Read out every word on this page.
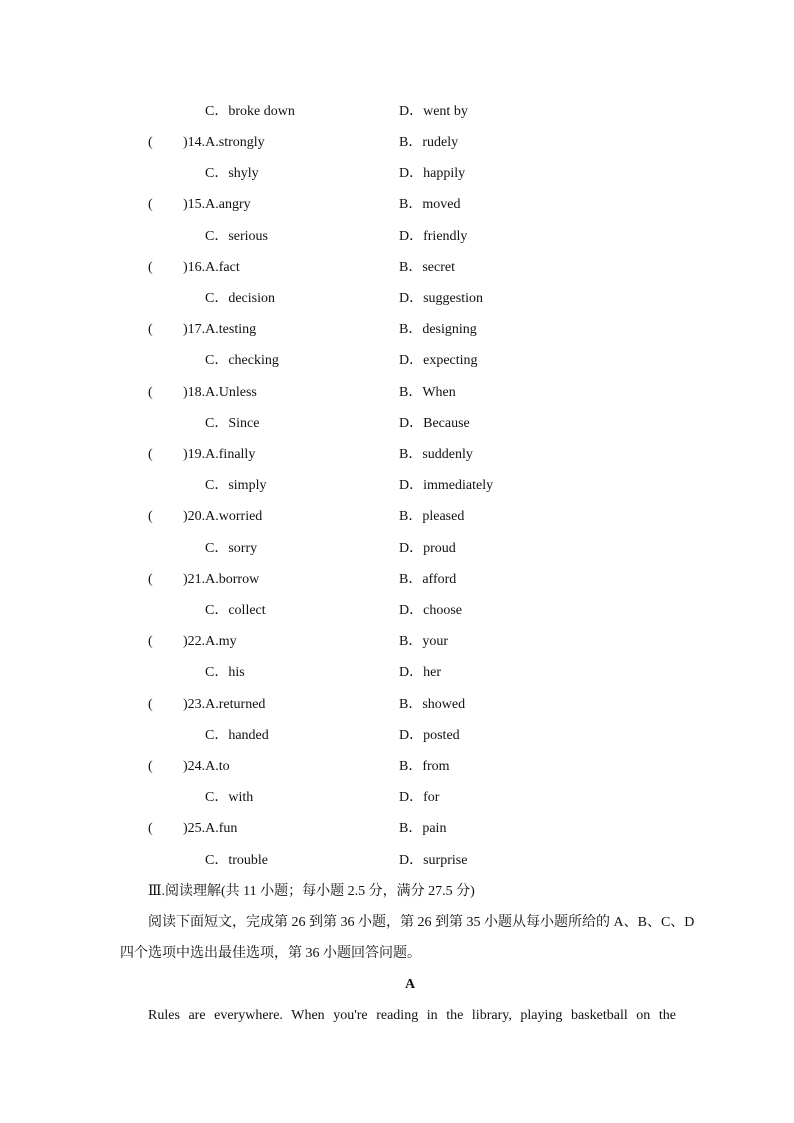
C．broke down	D．went by
( )14.A.strongly	B．rudely
C．shyly	D．happily
( )15.A.angry	B．moved
C．serious	D．friendly
( )16.A.fact	B．secret
C．decision	D．suggestion
( )17.A.testing	B．designing
C．checking	D．expecting
( )18.A.Unless	B．When
C．Since	D．Because
( )19.A.finally	B．suddenly
C．simply	D．immediately
( )20.A.worried	B．pleased
C．sorry	D．proud
( )21.A.borrow	B．afford
C．collect	D．choose
( )22.A.my	B．your
C．his	D．her
( )23.A.returned	B．showed
C．handed	D．posted
( )24.A.to	B．from
C．with	D．for
( )25.A.fun	B．pain
C．trouble	D．surprise
Ⅲ.阅读理解(共 11 小题；每小题 2.5 分，满分 27.5 分)
阅读下面短文，完成第 26 到第 36 小题，第 26 到第 35 小题从每小题所给的 A、B、C、D
四个选项中选出最佳选项，第 36 小题回答问题。
A
Rules are everywhere. When you're reading in the library, playing basketball on the
